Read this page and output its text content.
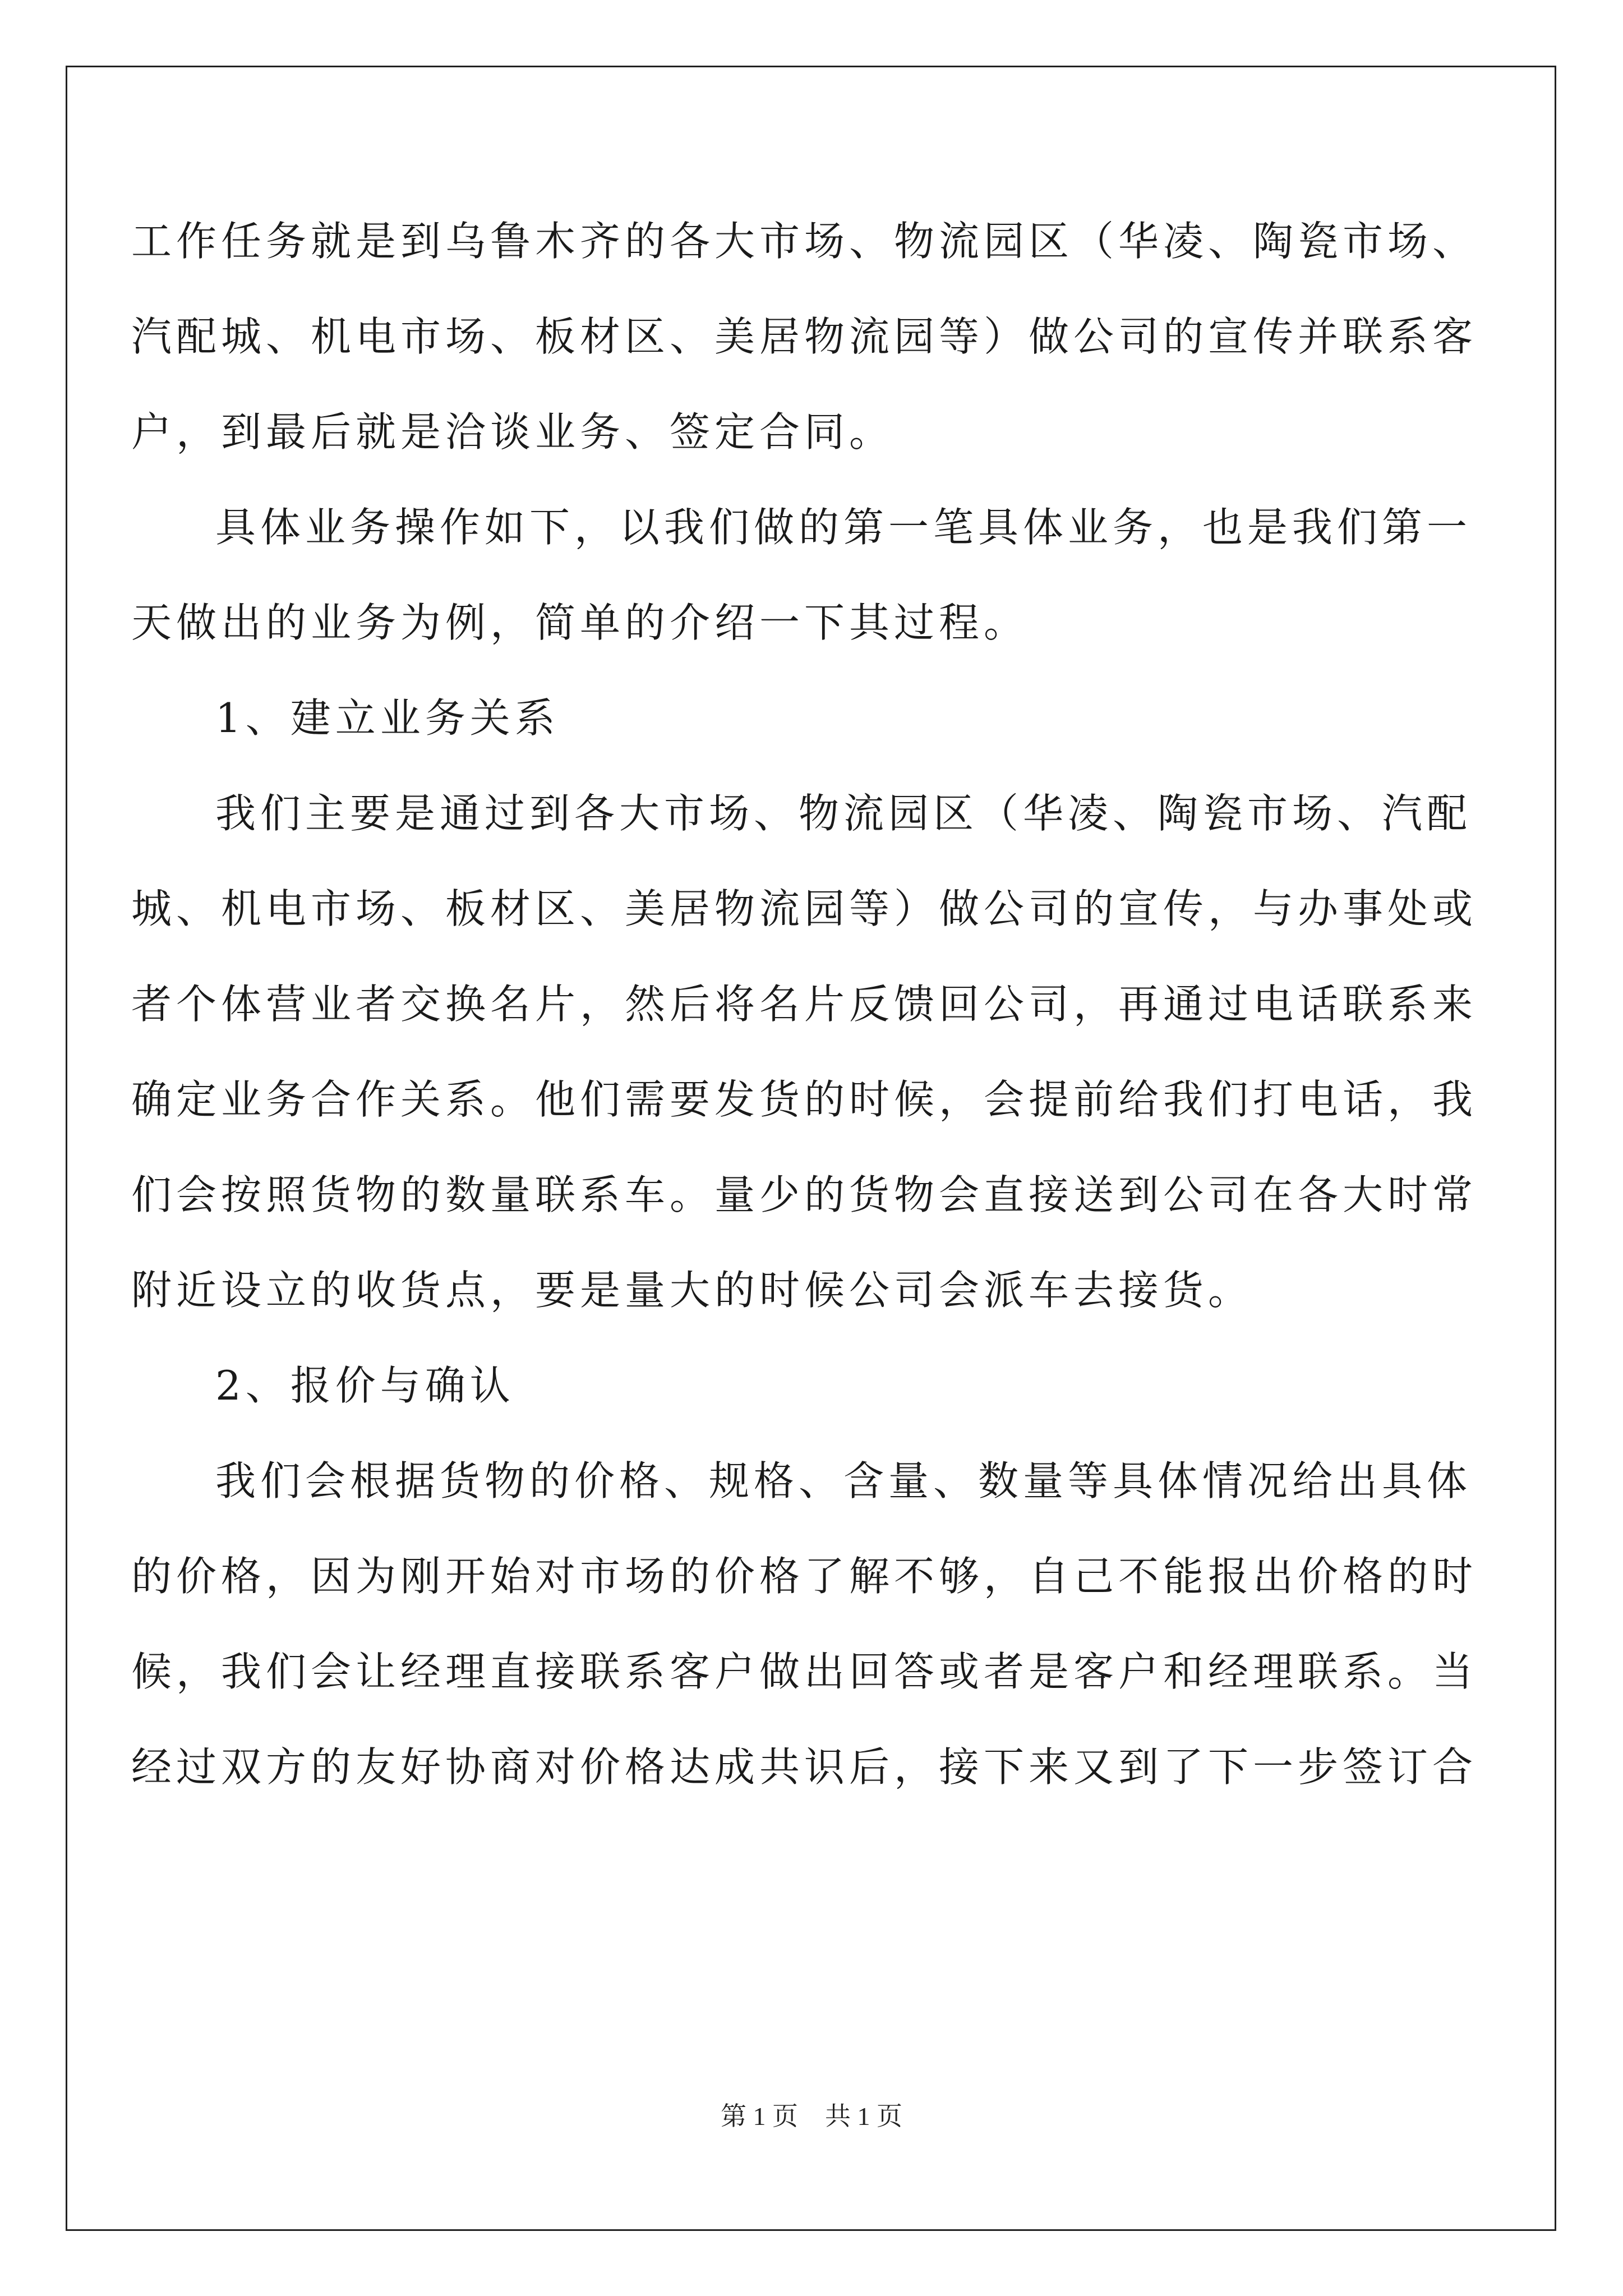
工作任务就是到乌鲁木齐的各大市场、物流园区（华凌、陶瓷市场、
汽配城、机电市场、板材区、美居物流园等）做公司的宣传并联系客
户，到最后就是洽谈业务、签定合同。
具体业务操作如下，以我们做的第一笔具体业务，也是我们第一
天做出的业务为例，简单的介绍一下其过程。
1、建立业务关系
我们主要是通过到各大市场、物流园区（华凌、陶瓷市场、汽配
城、机电市场、板材区、美居物流园等）做公司的宣传，与办事处或
者个体营业者交换名片，然后将名片反馈回公司，再通过电话联系来
确定业务合作关系。他们需要发货的时候，会提前给我们打电话，我
们会按照货物的数量联系车。量少的货物会直接送到公司在各大时常
附近设立的收货点，要是量大的时候公司会派车去接货。
2、报价与确认
我们会根据货物的价格、规格、含量、数量等具体情况给出具体
的价格，因为刚开始对市场的价格了解不够，自己不能报出价格的时
候，我们会让经理直接联系客户做出回答或者是客户和经理联系。当
经过双方的友好协商对价格达成共识后，接下来又到了下一步签订合
第 1 页 共 1 页
